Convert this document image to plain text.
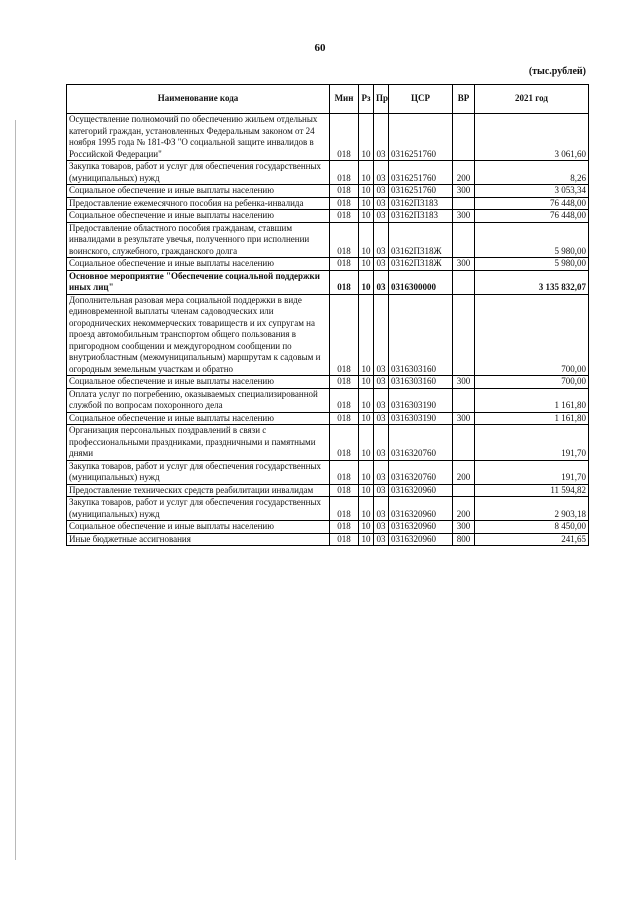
60
(тыс.рублей)
Наименование кода	Мин	Рз	Пр	ЦСР	ВР	2021 год
Осуществление полномочий по обеспечению жильем отдельных категорий граждан, установленных Федеральным законом от 24 ноября 1995 года № 181-ФЗ "О социальной защите инвалидов в Российской Федерации"	018	10	03	0316251760		3 061,60
Закупка товаров, работ и услуг для обеспечения государственных (муниципальных) нужд	018	10	03	0316251760	200	8,26
Социальное обеспечение и иные выплаты населению	018	10	03	0316251760	300	3 053,34
Предоставление ежемесячного пособия на ребенка-инвалида	018	10	03	03162П3183		76 448,00
Социальное обеспечение и иные выплаты населению	018	10	03	03162П3183	300	76 448,00
Предоставление областного пособия гражданам, ставшим инвалидами в результате увечья, полученного при исполнении воинского, служебного, гражданского долга	018	10	03	03162П318Ж		5 980,00
Социальное обеспечение и иные выплаты населению	018	10	03	03162П318Ж	300	5 980,00
Основное мероприятие "Обеспечение социальной поддержки иных лиц"	018	10	03	0316300000		3 135 832,07
Дополнительная разовая мера социальной поддержки в виде единовременной выплаты членам садоводческих или огороднических некоммерческих товариществ и их супругам на проезд автомобильным транспортом общего пользования в пригородном сообщении и междугородном сообщении по внутриобластным (межмуниципальным) маршрутам к садовым и огородным земельным участкам и обратно	018	10	03	0316303160		700,00
Социальное обеспечение и иные выплаты населению	018	10	03	0316303160	300	700,00
Оплата услуг по погребению, оказываемых специализированной службой по вопросам похоронного дела	018	10	03	0316303190		1 161,80
Социальное обеспечение и иные выплаты населению	018	10	03	0316303190	300	1 161,80
Организация персональных поздравлений в связи с профессиональными праздниками, праздничными и памятными днями	018	10	03	0316320760		191,70
Закупка товаров, работ и услуг для обеспечения государственных (муниципальных) нужд	018	10	03	0316320760	200	191,70
Предоставление технических средств реабилитации инвалидам	018	10	03	0316320960		11 594,82
Закупка товаров, работ и услуг для обеспечения государственных (муниципальных) нужд	018	10	03	0316320960	200	2 903,18
Социальное обеспечение и иные выплаты населению	018	10	03	0316320960	300	8 450,00
Иные бюджетные ассигнования	018	10	03	0316320960	800	241,65
